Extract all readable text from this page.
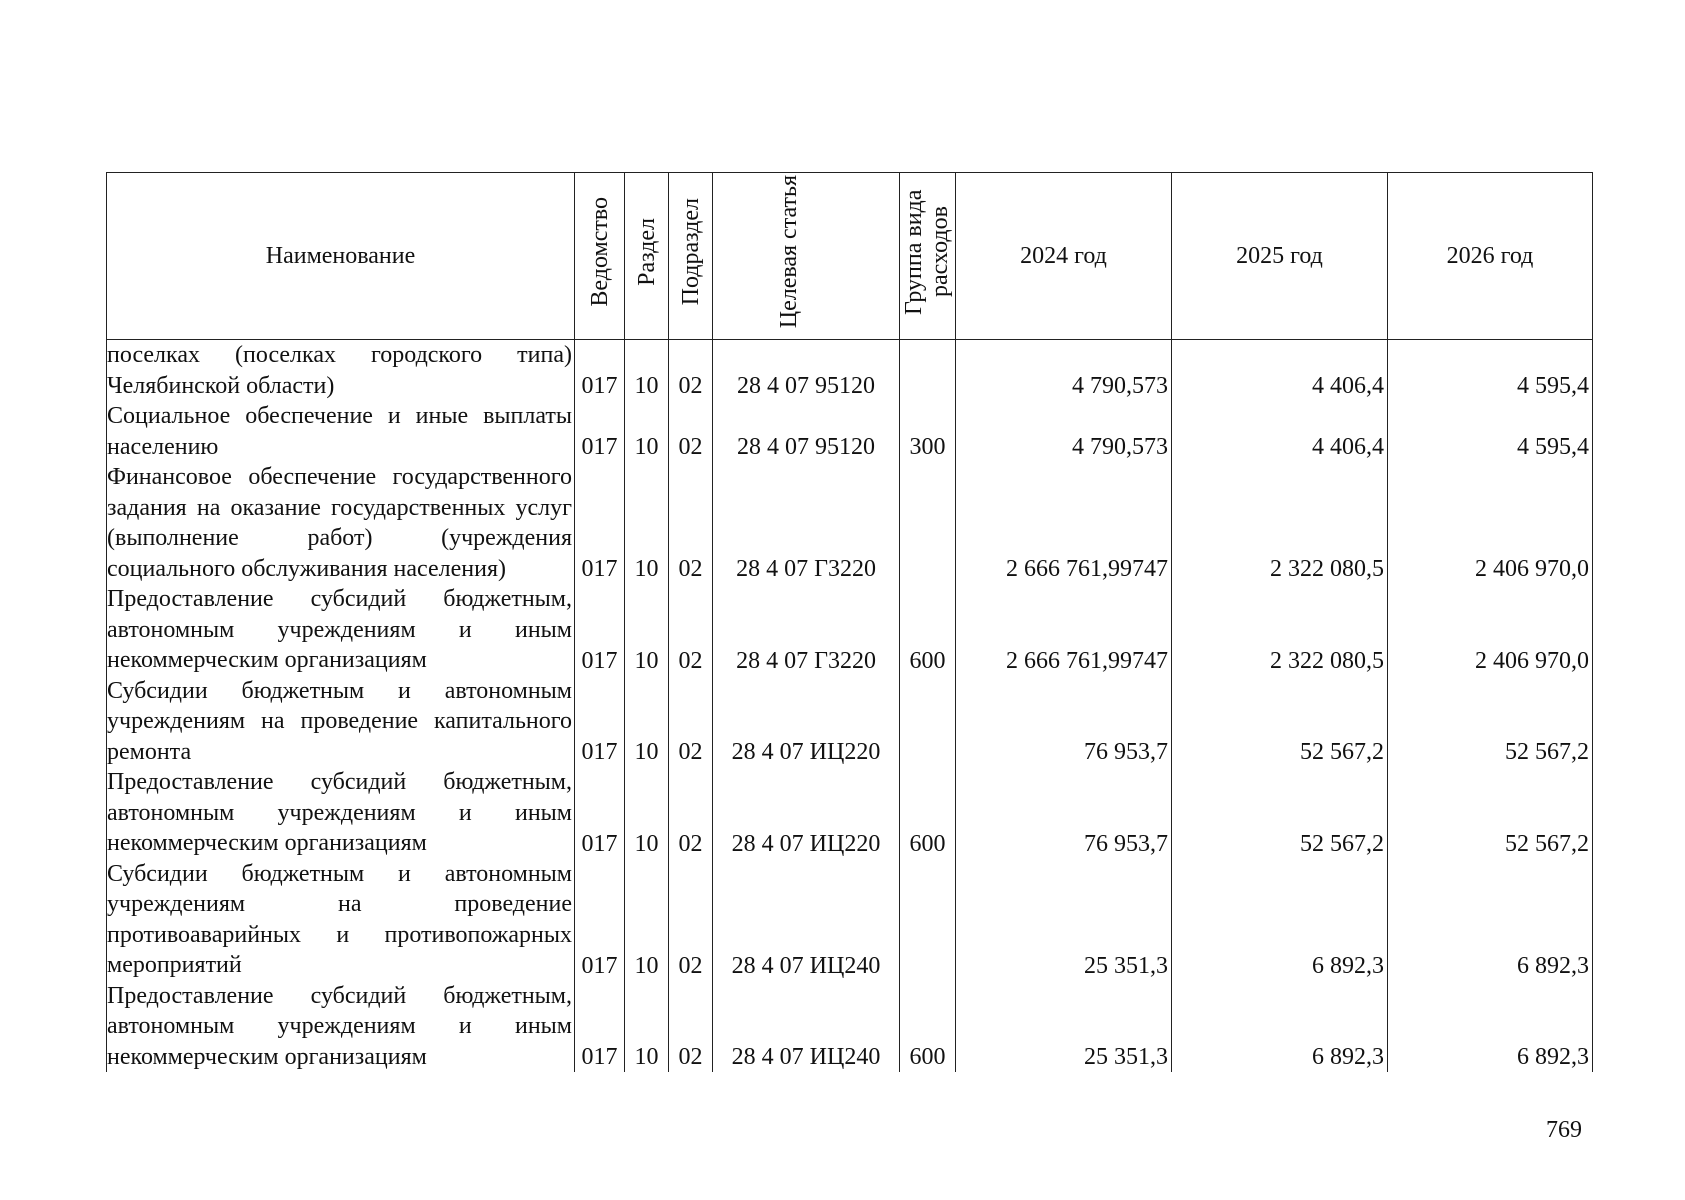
Наименование	Ведомство	Раздел	Подраздел	Целевая статья	Группа вида расходов	2024 год	2025 год	2026 год
поселках (поселках городского типа) Челябинской области)	017	10	02	28 4 07 95120		4 790,573	4 406,4	4 595,4
Социальное обеспечение и иные выплаты населению	017	10	02	28 4 07 95120	300	4 790,573	4 406,4	4 595,4
Финансовое обеспечение государственного задания на оказание государственных услуг (выполнение работ) (учреждения социального обслуживания населения)	017	10	02	28 4 07 Г3220		2 666 761,99747	2 322 080,5	2 406 970,0
Предоставление субсидий бюджетным, автономным учреждениям и иным некоммерческим организациям	017	10	02	28 4 07 Г3220	600	2 666 761,99747	2 322 080,5	2 406 970,0
Субсидии бюджетным и автономным учреждениям на проведение капитального ремонта	017	10	02	28 4 07 ИЦ220		76 953,7	52 567,2	52 567,2
Предоставление субсидий бюджетным, автономным учреждениям и иным некоммерческим организациям	017	10	02	28 4 07 ИЦ220	600	76 953,7	52 567,2	52 567,2
Субсидии бюджетным и автономным учреждениям на проведение противоаварийных и противопожарных мероприятий	017	10	02	28 4 07 ИЦ240		25 351,3	6 892,3	6 892,3
Предоставление субсидий бюджетным, автономным учреждениям и иным некоммерческим организациям	017	10	02	28 4 07 ИЦ240	600	25 351,3	6 892,3	6 892,3
769
